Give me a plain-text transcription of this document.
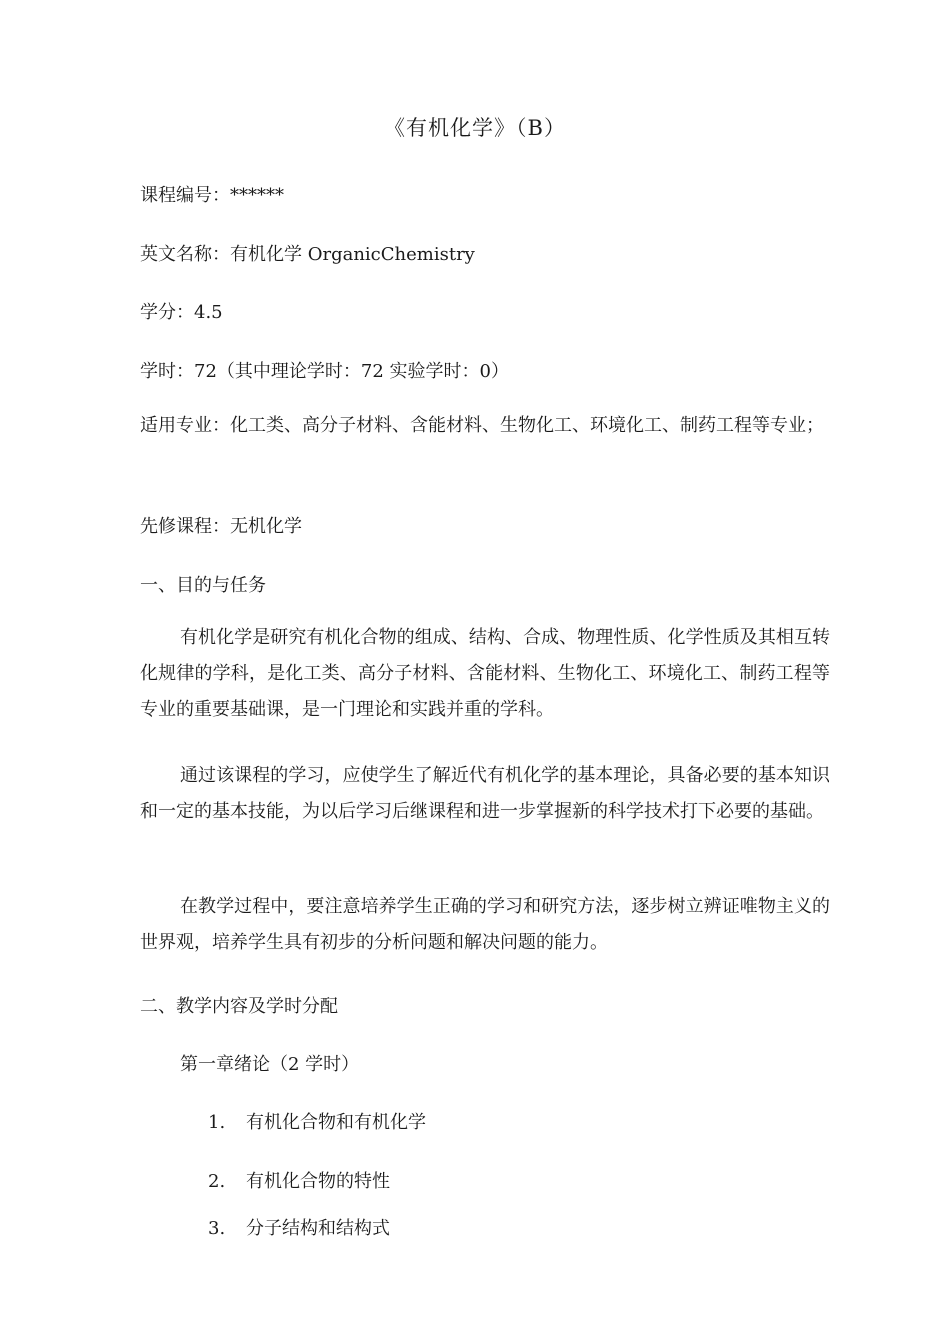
《有机化学》（B）
课程编号：******
英文名称：有机化学 OrganicChemistry
学分：4.5
学时：72（其中理论学时：72 实验学时：0）
适用专业：化工类、高分子材料、含能材料、生物化工、环境化工、制药工程等专业；
先修课程：无机化学
一、目的与任务
有机化学是研究有机化合物的组成、结构、合成、物理性质、化学性质及其相互转化规律的学科，是化工类、高分子材料、含能材料、生物化工、环境化工、制药工程等专业的重要基础课，是一门理论和实践并重的学科。
通过该课程的学习，应使学生了解近代有机化学的基本理论，具备必要的基本知识和一定的基本技能，为以后学习后继课程和进一步掌握新的科学技术打下必要的基础。
在教学过程中，要注意培养学生正确的学习和研究方法，逐步树立辨证唯物主义的世界观，培养学生具有初步的分析问题和解决问题的能力。
二、教学内容及学时分配
第一章绪论（2 学时）
1. 有机化合物和有机化学
2. 有机化合物的特性
3. 分子结构和结构式
